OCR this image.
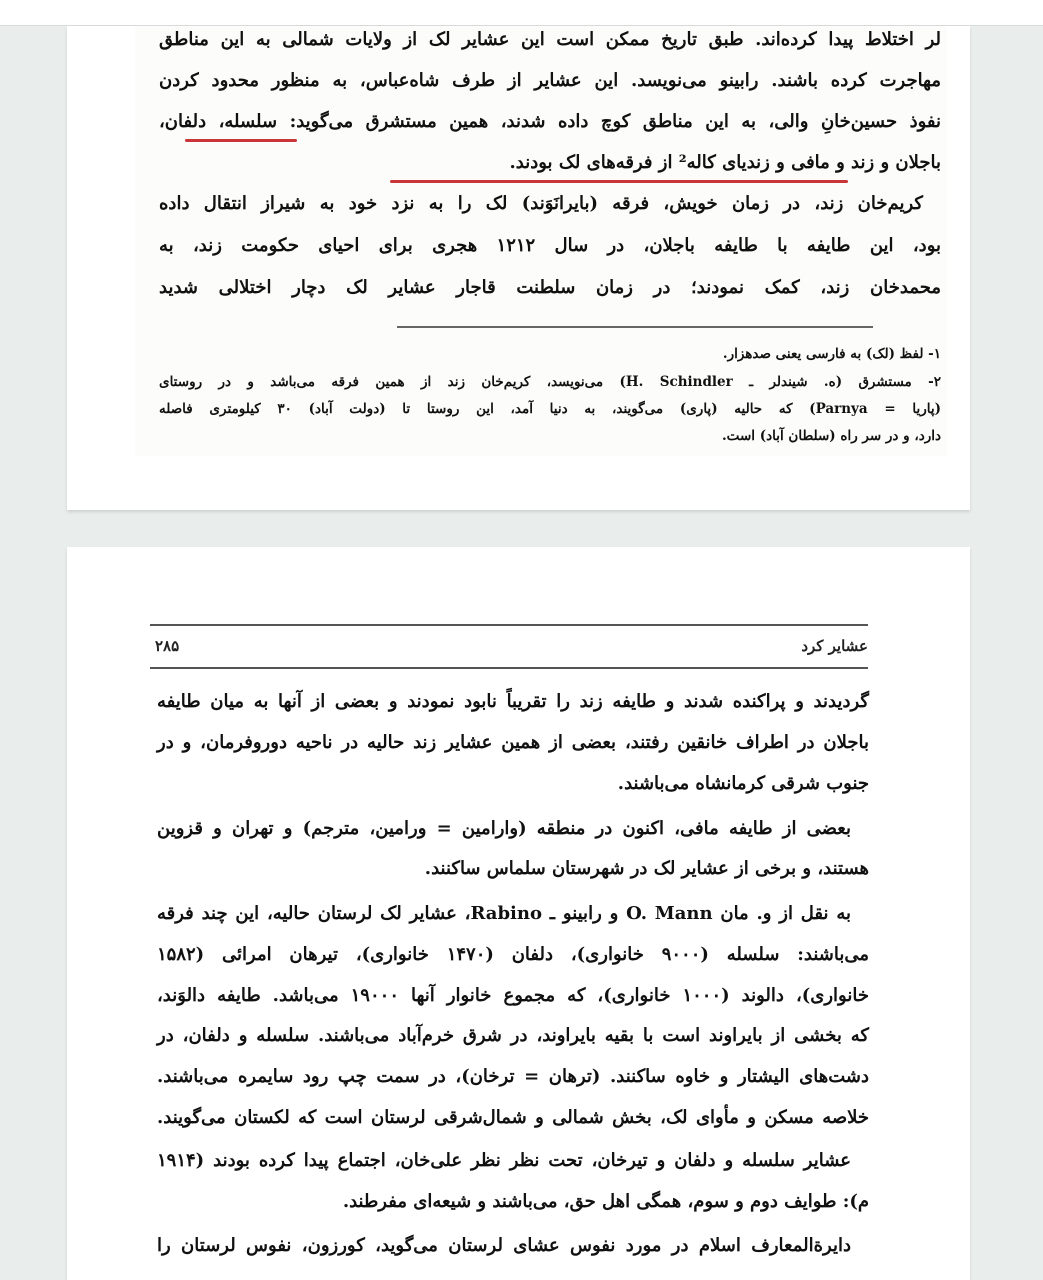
لر اختلاط پیدا کرده‌اند. طبق تاریخ ممکن است این عشایر لک از ولایات شمالی به این مناطق
مهاجرت کرده باشند. رابینو می‌نویسد. این عشایر از طرف شاه‌عباس، به منظور محدود کردن
نفوذ حسین‌خانِ والی، به این مناطق کوچ داده شدند، همین مستشرق می‌گوید: سلسله، دلفان،
باجلان و زند و مافی و زندیای کاله² از فرقه‌های لک بودند.
کریم‌خان زند، در زمان خویش، فرقه (بایرانَوَند) لک را به نزد خود به شیراز انتقال داده
بود، این طایفه با طایفه باجلان، در سال ۱۲۱۲ هجری برای احیای حکومت زند، به
محمدخان زند، کمک نمودند؛ در زمان سلطنت قاجار عشایر لک دچار اختلالی شدید
۱- لفظ (لک) به فارسی یعنی صدهزار.
۲- مستشرق (ه. شیندلر ـ H. Schindler) می‌نویسد، کریم‌خان زند از همین فرقه می‌باشد و در روستای
(پاریا = Parnya) که حالیه (پاری) می‌گویند، به دنیا آمد، این روستا تا (دولت آباد) ۳۰ کیلومتری فاصله
دارد، و در سر راه (سلطان آباد) است.
۲۸۵	عشایر کرد
گردیدند و پراکنده شدند و طایفه زند را تقریباً نابود نمودند و بعضی از آنها به میان طایفه
باجلان در اطراف خانقین رفتند، بعضی از همین عشایر زند حالیه در ناحیه دوروفرمان، و در
جنوب شرقی کرمانشاه می‌باشند.
بعضی از طایفه مافی، اکنون در منطقه (وارامین = ورامین، مترجم) و تهران و قزوین
هستند، و برخی از عشایر لک در شهرستان سلماس ساکنند.
به نقل از و. مان O. Mann و رابینو ـ Rabino، عشایر لک لرستان حالیه، این چند فرقه
می‌باشند: سلسله (۹۰۰۰ خانواری)، دلفان (۱۴۷۰ خانواری)، تیرهان امرائی (۱۵۸۲
خانواری)، دالوند (۱۰۰۰ خانواری)، که مجموع خانوار آنها ۱۹۰۰۰ می‌باشد. طایفه دالوَند،
که بخشی از بایراوند است با بقیه بایراوند، در شرق خرم‌آباد می‌باشند. سلسله و دلفان، در
دشت‌های الیشتار و خاوه ساکنند. (ترهان = ترخان)، در سمت چپ رود سایمره می‌باشند.
خلاصه مسکن و مأوای لک، بخش شمالی و شمال‌شرقی لرستان است که لکستان می‌گویند.
عشایر سلسله و دلفان و تیرخان، تحت نظر نظر علی‌خان، اجتماع پیدا کرده بودند (۱۹۱۴
م): طوایف دوم و سوم، همگی اهل حق، می‌باشند و شیعه‌ای مفرطند.
دایرةالمعارف اسلام در مورد نفوس عشای لرستان می‌گوید، کورزون، نفوس لرستان را
